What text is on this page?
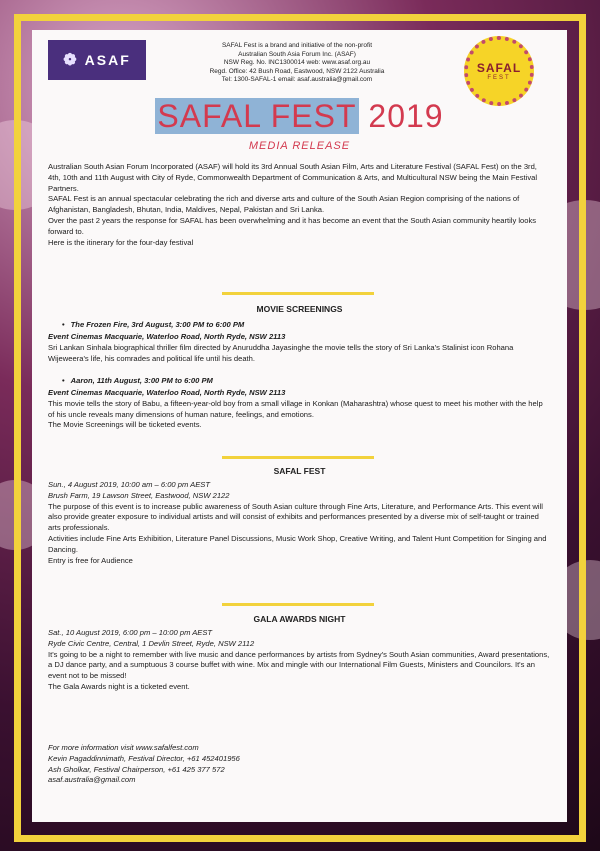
❁ ASAF
SAFAL Fest is a brand and initiative of the non-profit
Australian South Asia Forum Inc. (ASAF)
NSW Reg. No. INC1300014 web: www.asaf.org.au
Regd. Office: 42 Bush Road, Eastwood, NSW 2122 Australia
Tel: 1300-SAFAL-1 email: asaf.australia@gmail.com
SAFAL
FEST
SAFAL FEST 2019
MEDIA RELEASE

Australian South Asian Forum Incorporated (ASAF) will hold its 3rd Annual South Asian Film, Arts and Literature Festival (SAFAL Fest) on the 3rd, 4th, 10th and 11th August with City of Ryde, Commonwealth Department of Communication & Arts, and Multicultural NSW being the Main Festival Partners.

SAFAL Fest is an annual spectacular celebrating the rich and diverse arts and culture of the South Asian Region comprising of the nations of Afghanistan, Bangladesh, Bhutan, India, Maldives, Nepal, Pakistan and Sri Lanka.

Over the past 2 years the response for SAFAL has been overwhelming and it has become an event that the South Asian community heartily looks forward to.

Here is the itinerary for the four-day festival

MOVIE SCREENINGS
• The Frozen Fire, 3rd August, 3:00 PM to 6:00 PM

Event Cinemas Macquarie, Waterloo Road, North Ryde, NSW 2113

Sri Lankan Sinhala biographical thriller film directed by Anuruddha Jayasinghe the movie tells the story of Sri Lanka's Stalinist icon Rohana Wijeweera's life, his comrades and political life until his death.

• Aaron, 11th August, 3:00 PM to 6:00 PM

Event Cinemas Macquarie, Waterloo Road, North Ryde, NSW 2113

This movie tells the story of Babu, a fifteen-year-old boy from a small village in Konkan (Maharashtra) whose quest to meet his mother with the help of his uncle reveals many dimensions of human nature, feelings, and emotions.

The Movie Screenings will be ticketed events.

SAFAL FEST

Sun., 4 August 2019, 10:00 am – 6:00 pm AEST

Brush Farm, 19 Lawson Street, Eastwood, NSW 2122

The purpose of this event is to increase public awareness of South Asian culture through Fine Arts, Literature, and Performance Arts. This event will also provide greater exposure to individual artists and will consist of exhibits and performances presented by a diverse mix of self-taught or trained arts professionals.

Activities include Fine Arts Exhibition, Literature Panel Discussions, Music Work Shop, Creative Writing, and Talent Hunt Competition for Singing and Dancing.

Entry is free for Audience

GALA AWARDS NIGHT

Sat., 10 August 2019, 6:00 pm – 10:00 pm AEST

Ryde Civic Centre, Central, 1 Devlin Street, Ryde, NSW 2112

It's going to be a night to remember with live music and dance performances by artists from Sydney's South Asian communities, Award presentations, a DJ dance party, and a sumptuous 3 course buffet with wine. Mix and mingle with our International Film Guests, Ministers and Councilors. It's an event not to be missed!

The Gala Awards night is a ticketed event.

For more information visit www.safalfest.com

Kevin Pagaddinnimath, Festival Director, +61 452401956

Ash Gholkar, Festival Chairperson, +61 425 377 572

asaf.australia@gmail.com
